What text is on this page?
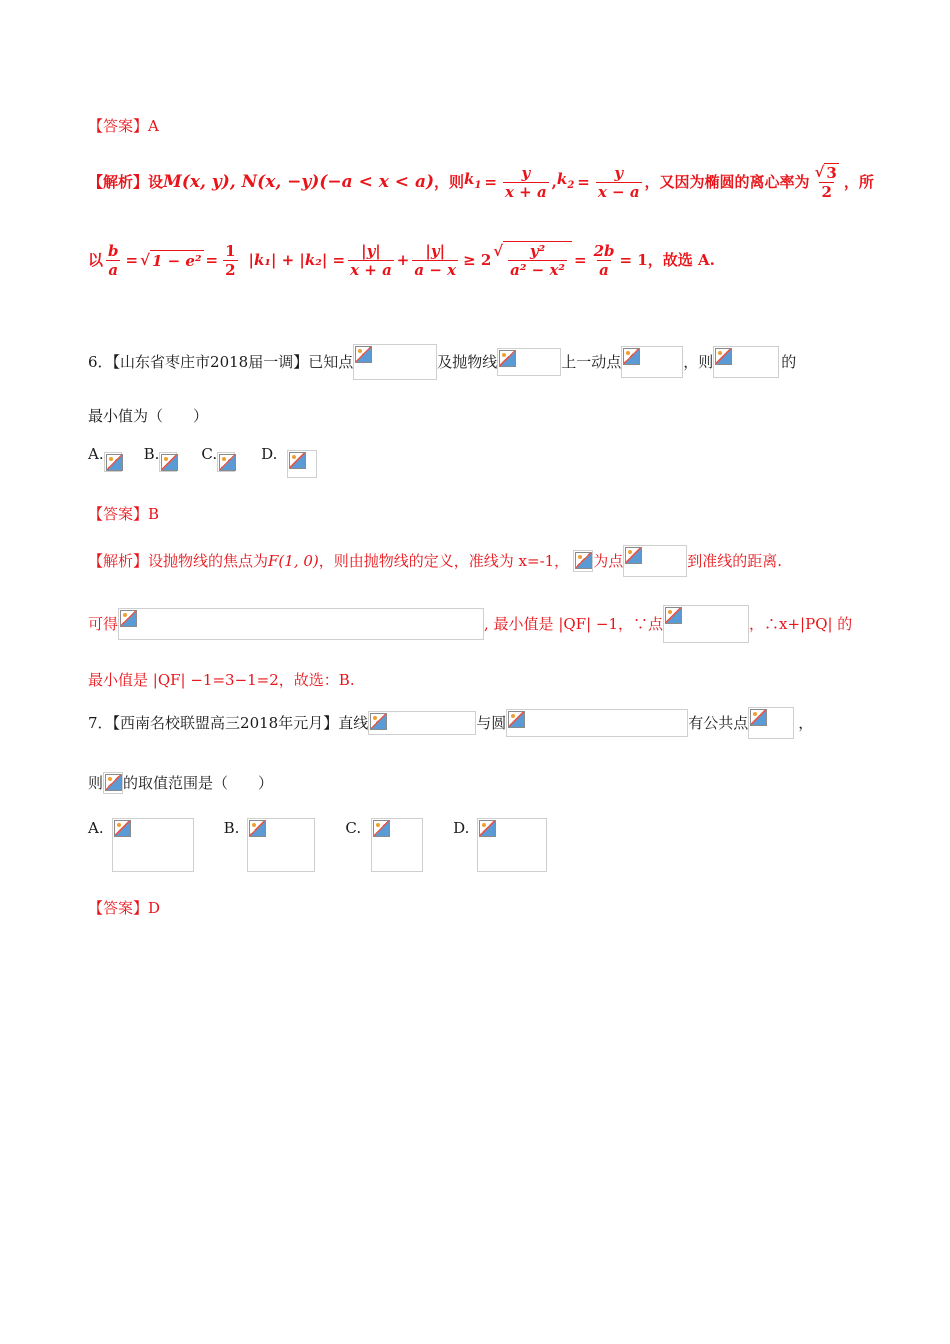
【答案】A
【解析】 设 M(x, y), N(x, −y)(−a < x < a) ，则 $k_1 = \frac{y}{x + a}$ , $k_2 = \frac{y}{x - a}$ ，又因为椭圆的离心率为 $\frac{√ 3}{2}$ ，所
以 $\frac{b}{a}$ = √ $1 - e^2 = \frac{1}{2} |k_1| + |k_2| = \frac{|y|}{x + a} + \frac{|y|}{a - x} \ge 2$ √ $\frac{\text{y²}}{\text{a² − x²}} = \frac{2b}{a} = 1$ ，故选 A.
6．【山东省枣庄市2018届一调】已知点	及抛物线	上一动点	，则	的
最小值为（　　）
A.	B.	C.	D.
【答案】B
【解析】设抛物线的焦点为 F(1, 0) ，则由抛物线的定义，准线为 x=-1， 为点	到准线的距离.
可得	, 最小值是 |QF| −1，∵点	，∴x+|PQ| 的
最小值是 |QF| −1=3−1=2，故选：B.
7．【西南名校联盟高三2018年元月】直线	与圆	有公共点	，
则 的取值范围是（　　）
A.	B.	C.	D.
【答案】D
